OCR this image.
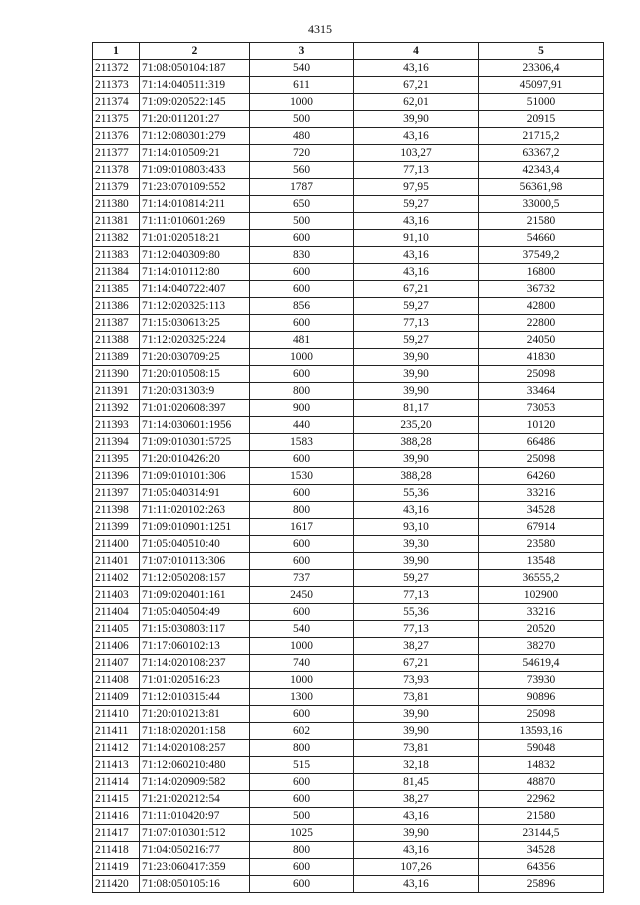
4315
1	2	3	4	5
211372	71:08:050104:187	540	43,16	23306,4
211373	71:14:040511:319	611	67,21	45097,91
211374	71:09:020522:145	1000	62,01	51000
211375	71:20:011201:27	500	39,90	20915
211376	71:12:080301:279	480	43,16	21715,2
211377	71:14:010509:21	720	103,27	63367,2
211378	71:09:010803:433	560	77,13	42343,4
211379	71:23:070109:552	1787	97,95	56361,98
211380	71:14:010814:211	650	59,27	33000,5
211381	71:11:010601:269	500	43,16	21580
211382	71:01:020518:21	600	91,10	54660
211383	71:12:040309:80	830	43,16	37549,2
211384	71:14:010112:80	600	43,16	16800
211385	71:14:040722:407	600	67,21	36732
211386	71:12:020325:113	856	59,27	42800
211387	71:15:030613:25	600	77,13	22800
211388	71:12:020325:224	481	59,27	24050
211389	71:20:030709:25	1000	39,90	41830
211390	71:20:010508:15	600	39,90	25098
211391	71:20:031303:9	800	39,90	33464
211392	71:01:020608:397	900	81,17	73053
211393	71:14:030601:1956	440	235,20	10120
211394	71:09:010301:5725	1583	388,28	66486
211395	71:20:010426:20	600	39,90	25098
211396	71:09:010101:306	1530	388,28	64260
211397	71:05:040314:91	600	55,36	33216
211398	71:11:020102:263	800	43,16	34528
211399	71:09:010901:1251	1617	93,10	67914
211400	71:05:040510:40	600	39,30	23580
211401	71:07:010113:306	600	39,90	13548
211402	71:12:050208:157	737	59,27	36555,2
211403	71:09:020401:161	2450	77,13	102900
211404	71:05:040504:49	600	55,36	33216
211405	71:15:030803:117	540	77,13	20520
211406	71:17:060102:13	1000	38,27	38270
211407	71:14:020108:237	740	67,21	54619,4
211408	71:01:020516:23	1000	73,93	73930
211409	71:12:010315:44	1300	73,81	90896
211410	71:20:010213:81	600	39,90	25098
211411	71:18:020201:158	602	39,90	13593,16
211412	71:14:020108:257	800	73,81	59048
211413	71:12:060210:480	515	32,18	14832
211414	71:14:020909:582	600	81,45	48870
211415	71:21:020212:54	600	38,27	22962
211416	71:11:010420:97	500	43,16	21580
211417	71:07:010301:512	1025	39,90	23144,5
211418	71:04:050216:77	800	43,16	34528
211419	71:23:060417:359	600	107,26	64356
211420	71:08:050105:16	600	43,16	25896
